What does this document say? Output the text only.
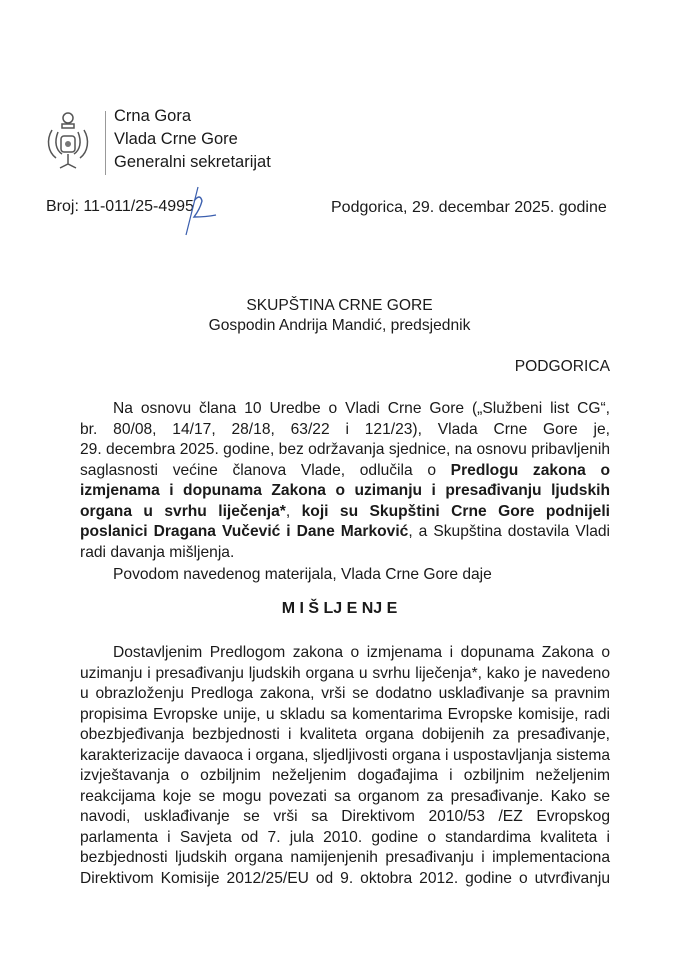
Crna Gora
Vlada Crne Gore
Generalni sekretarijat
Broj: 11-011/25-4995	Podgorica, 29. decembar 2025. godine
SKUPŠTINA CRNE GORE
Gospodin Andrija Mandić, predsjednik
PODGORICA
Na osnovu člana 10 Uredbe o Vladi Crne Gore („Službeni list CG“,
br. 80/08, 14/17, 28/18, 63/22 i 121/23), Vlada Crne Gore je,
29. decembra 2025. godine, bez održavanja sjednice, na osnovu pribavljenih
saglasnosti većine članova Vlade, odlučila o Predlogu zakona o
izmjenama i dopunama Zakona o uzimanju i presađivanju ljudskih
organa u svrhu liječenja*, koji su Skupštini Crne Gore podnijeli
poslanici Dragana Vučević i Dane Marković, a Skupština dostavila Vladi
radi davanja mišljenja.
Povodom navedenog materijala, Vlada Crne Gore daje
M I Š LJ E NJ E
Dostavljenim Predlogom zakona o izmjenama i dopunama Zakona o
uzimanju i presađivanju ljudskih organa u svrhu liječenja*, kako je navedeno
u obrazloženju Predloga zakona, vrši se dodatno usklađivanje sa pravnim
propisima Evropske unije, u skladu sa komentarima Evropske komisije, radi
obezbjeđivanja bezbjednosti i kvaliteta organa dobijenih za presađivanje,
karakterizacije davaoca i organa, sljedljivosti organa i uspostavljanja sistema
izvještavanja o ozbiljnim neželjenim događajima i ozbiljnim neželjenim
reakcijama koje se mogu povezati sa organom za presađivanje. Kako se
navodi, usklađivanje se vrši sa Direktivom 2010/53 /EZ Evropskog
parlamenta i Savjeta od 7. jula 2010. godine o standardima kvaliteta i
bezbjednosti ljudskih organa namijenjenih presađivanju i implementaciona
Direktivom Komisije 2012/25/EU od 9. oktobra 2012. godine o utvrđivanju
